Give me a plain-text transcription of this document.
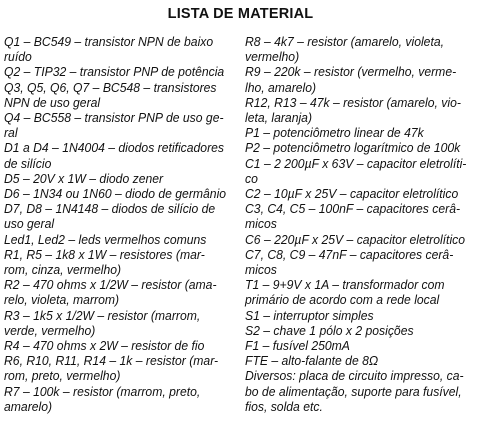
LISTA DE MATERIAL
Q1 – BC549 – transistor NPN de baixo
ruído
Q2 – TIP32 – transistor PNP de potência
Q3, Q5, Q6, Q7 – BC548 – transistores
NPN de uso geral
Q4 – BC558 – transistor PNP de uso ge-
ral
D1 a D4 – 1N4004 – diodos retificadores
de silício
D5 – 20V x 1W – diodo zener
D6 – 1N34 ou 1N60 – diodo de germânio
D7, D8 – 1N4148 – diodos de silício de
uso geral
Led1, Led2 – leds vermelhos comuns
R1, R5 – 1k8 x 1W – resistores (mar-
rom, cinza, vermelho)
R2 – 470 ohms x 1/2W – resistor (ama-
relo, violeta, marrom)
R3 – 1k5 x 1/2W – resistor (marrom,
verde, vermelho)
R4 – 470 ohms x 2W – resistor de fio
R6, R10, R11, R14 – 1k – resistor (mar-
rom, preto, vermelho)
R7 – 100k – resistor (marrom, preto,
amarelo)
R8 – 4k7 – resistor (amarelo, violeta,
vermelho)
R9 – 220k – resistor (vermelho, verme-
lho, amarelo)
R12, R13 – 47k – resistor (amarelo, vio-
leta, laranja)
P1 – potenciômetro linear de 47k
P2 – potenciômetro logarítmico de 100k
C1 – 2 200µF x 63V – capacitor eletrolíti-
co
C2 – 10µF x 25V – capacitor eletrolítico
C3, C4, C5 – 100nF – capacitores cerâ-
micos
C6 – 220µF x 25V – capacitor eletrolítico
C7, C8, C9 – 47nF – capacitores cerâ-
micos
T1 – 9+9V x 1A – transformador com
primário de acordo com a rede local
S1 – interruptor simples
S2 – chave 1 pólo x 2 posições
F1 – fusível 250mA
FTE – alto-falante de 8Ω
Diversos: placa de circuito impresso, ca-
bo de alimentação, suporte para fusível,
fios, solda etc.
